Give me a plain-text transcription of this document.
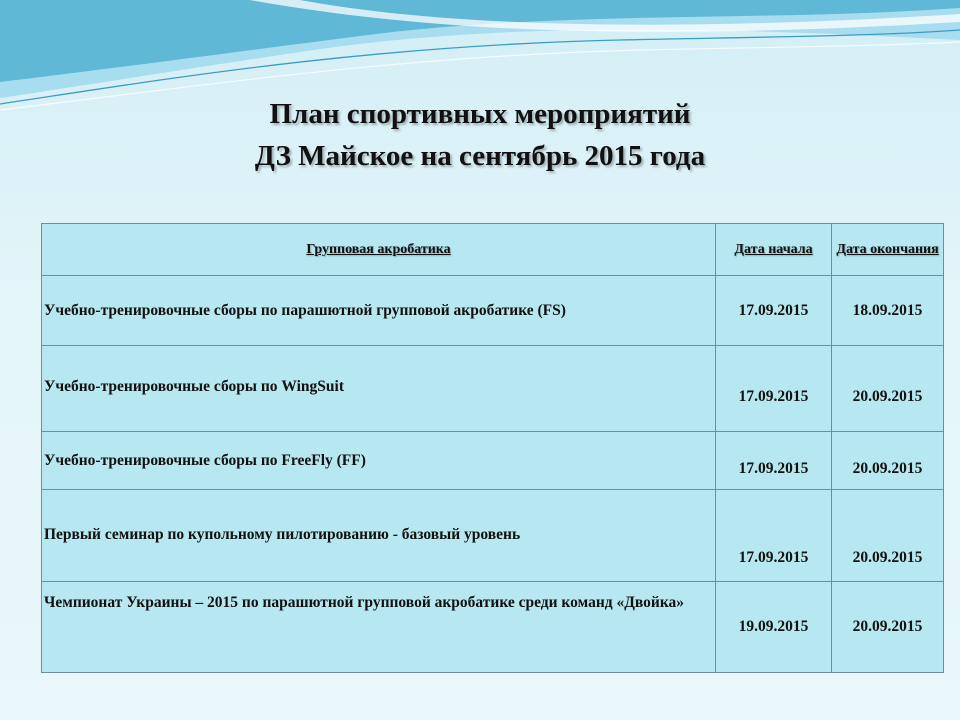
План спортивных мероприятий
ДЗ Майское на сентябрь 2015 года
Групповая акробатика	Дата начала	Дата окончания
Учебно-тренировочные сборы по парашютной групповой акробатике (FS)	17.09.2015	18.09.2015
Учебно-тренировочные сборы по WingSuit	17.09.2015	20.09.2015
Учебно-тренировочные сборы по FreeFly (FF)	17.09.2015	20.09.2015
Первый семинар по купольному пилотированию - базовый уровень	17.09.2015	20.09.2015
Чемпионат Украины – 2015 по парашютной групповой акробатике среди команд «Двойка»	19.09.2015	20.09.2015
